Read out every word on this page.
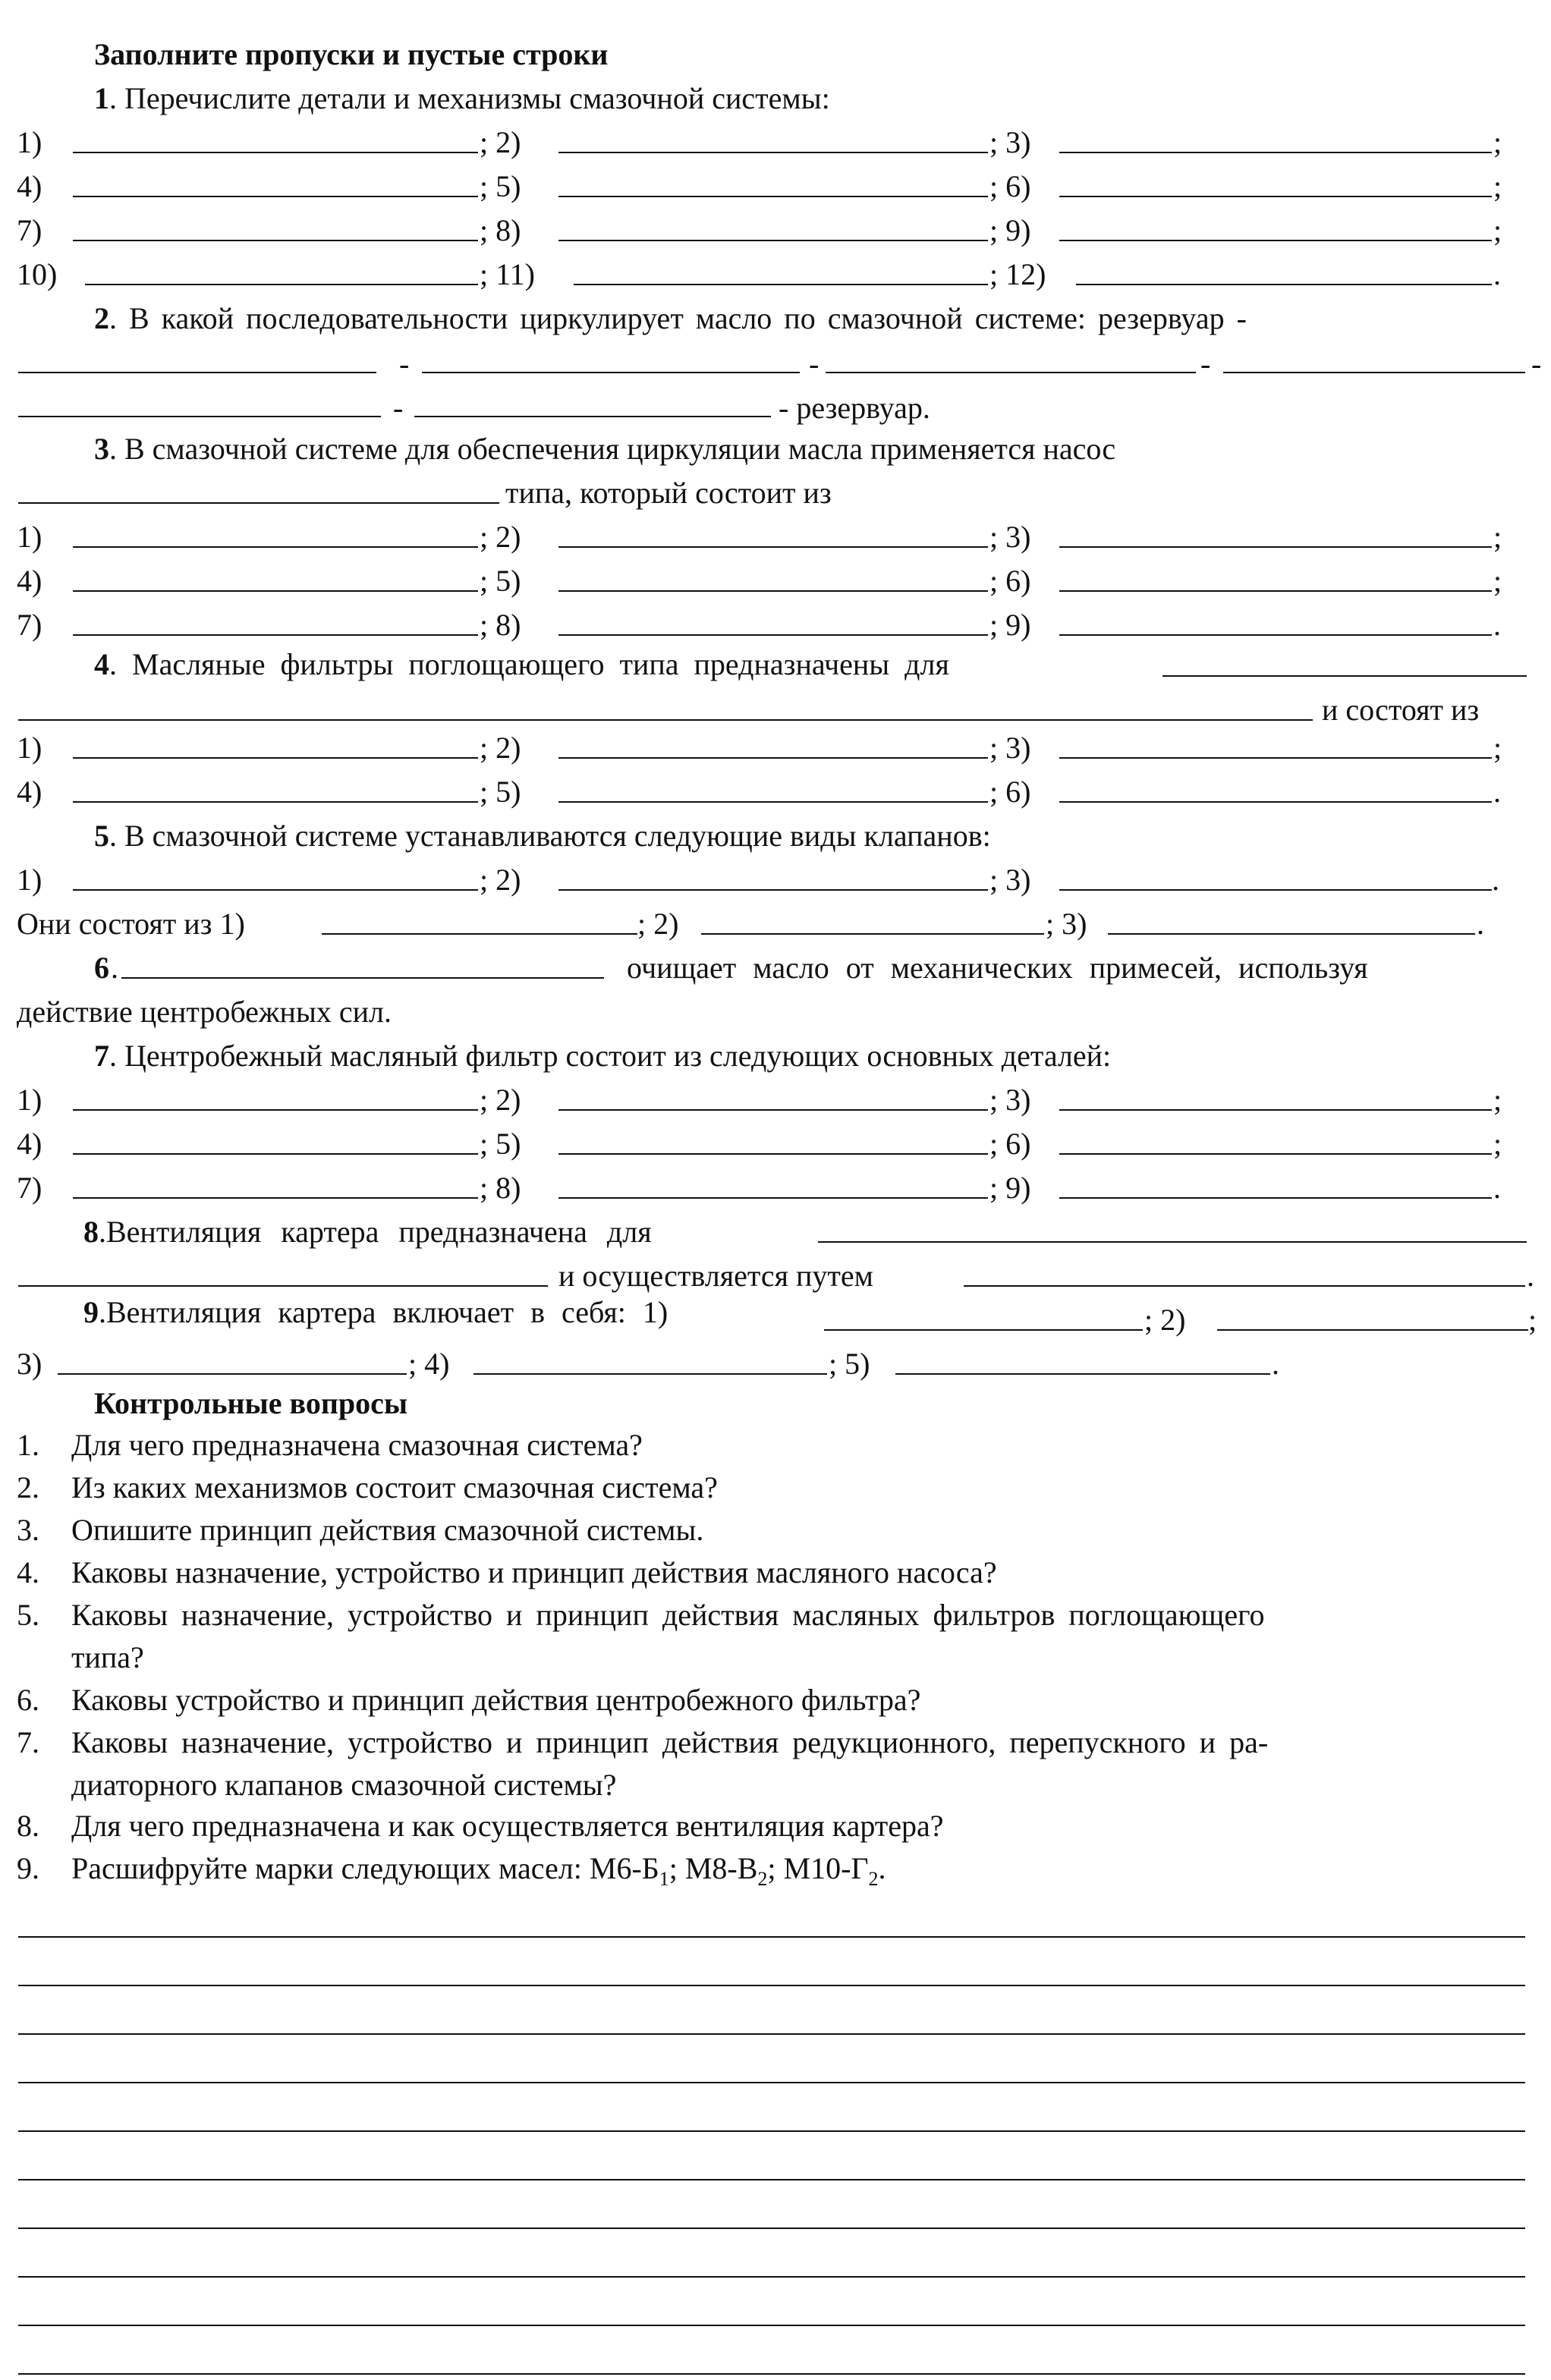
Заполните пропуски и пустые строки
1. Перечислите детали и механизмы смазочной системы:
1)	; 2)	; 3)	;
4)	; 5)	; 6)	;
7)	; 8)	; 9)	;
10)	; 11)	; 12)	.
2. В какой последовательности циркулирует масло по смазочной системе: резервуар -
-	-	-	-
-	- резервуар.
3. В смазочной системе для обеспечения циркуляции масла применяется насос
типа, который состоит из
1)	; 2)	; 3)	;
4)	; 5)	; 6)	;
7)	; 8)	; 9)	.
4. Масляные фильтры поглощающего типа предназначены для
и состоят из
1)	; 2)	; 3)	;
4)	; 5)	; 6)	.
5. В смазочной системе устанавливаются следующие виды клапанов:
1)	; 2)	; 3)	.
Они состоят из 1)	; 2)	; 3)	.
6 .	очищает масло от механических примесей, используя
действие центробежных сил.
7. Центробежный масляный фильтр состоит из следующих основных деталей:
1)	; 2)	; 3)	;
4)	; 5)	; 6)	;
7)	; 8)	; 9)	.
8.Вентиляция картера предназначена для
и осуществляется путем	.
9.Вентиляция картера включает в себя: 1)	; 2)	;
3)	; 4)	; 5)	.
Контрольные вопросы
1. Для чего предназначена смазочная система?
2. Из каких механизмов состоит смазочная система?
3. Опишите принцип действия смазочной системы.
4. Каковы назначение, устройство и принцип действия масляного насоса?
5. Каковы назначение, устройство и принцип действия масляных фильтров поглощающего
типа?
6. Каковы устройство и принцип действия центробежного фильтра?
7. Каковы назначение, устройство и принцип действия редукционного, перепускного и ра-
диаторного клапанов смазочной системы?
8. Для чего предназначена и как осуществляется вентиляция картера?
9. Расшифруйте марки следующих масел: $М6-Б_1$; $М8-В_2$; $М10-Г_2$.
